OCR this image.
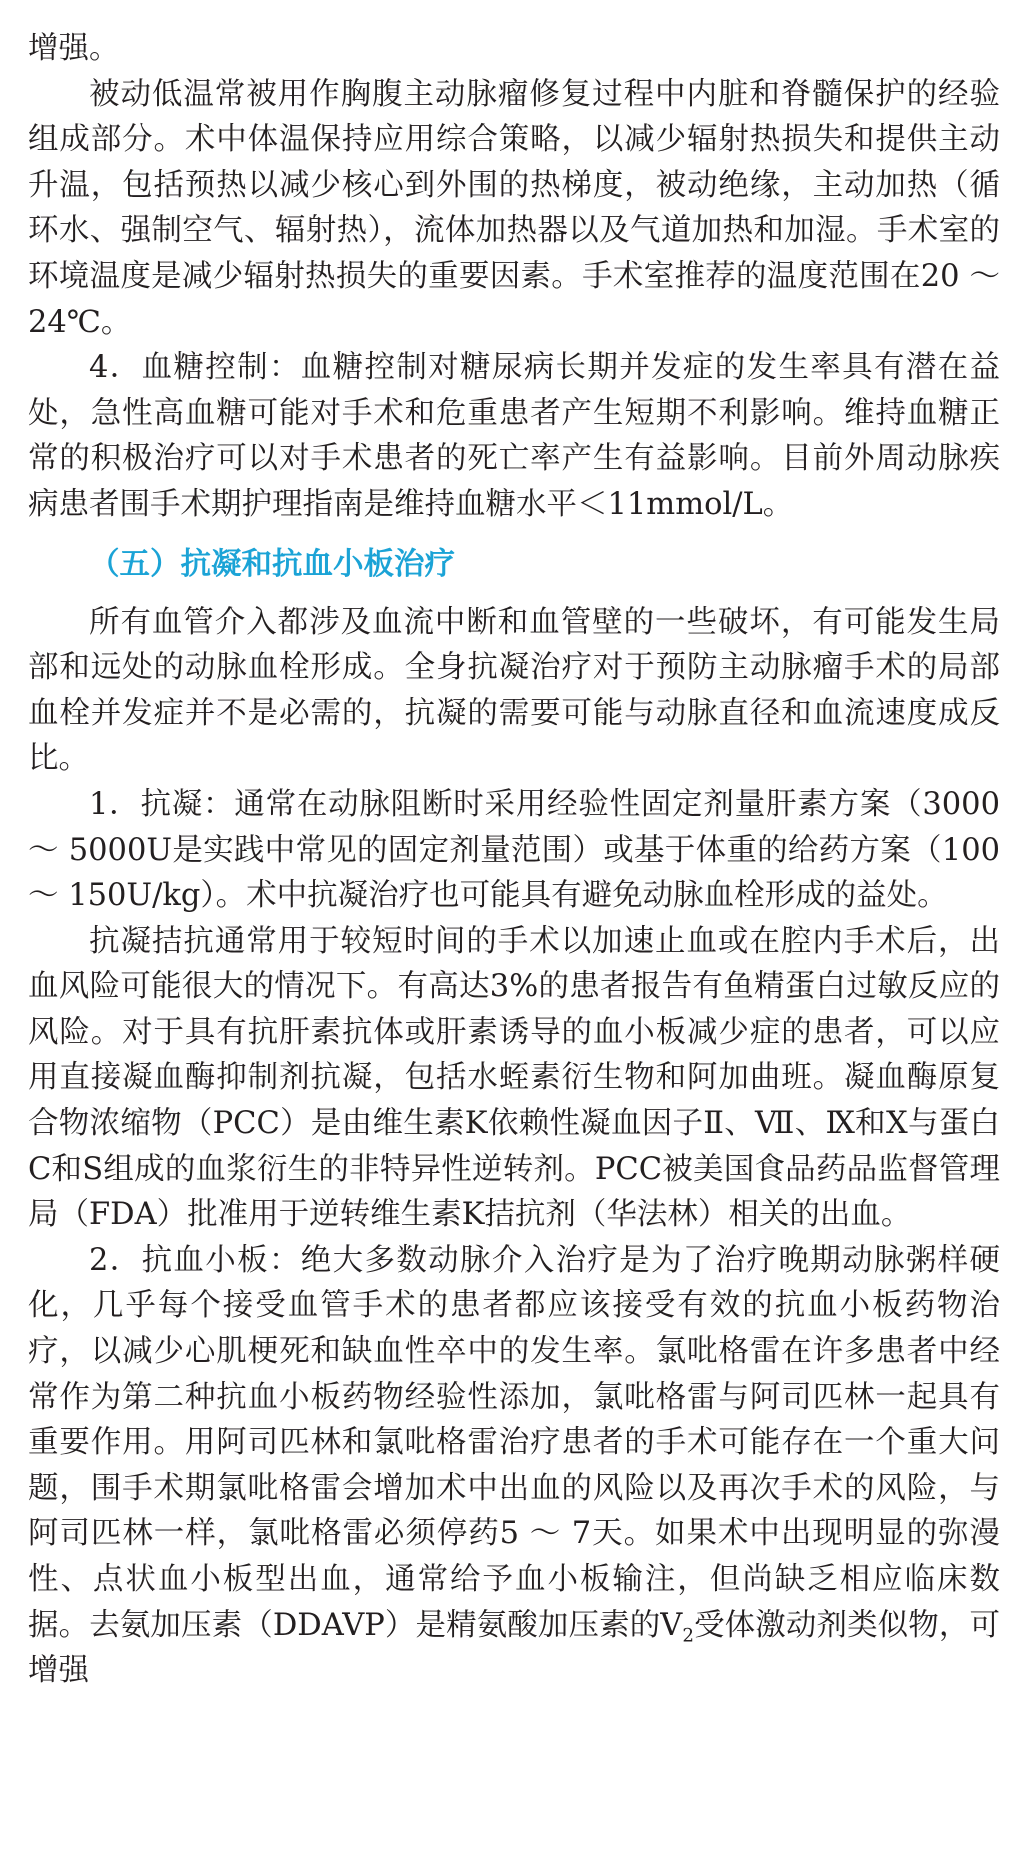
增强。

被动低温常被用作胸腹主动脉瘤修复过程中内脏和脊髓保护的经验组成部分。术中体温保持应用综合策略，以减少辐射热损失和提供主动升温，包括预热以减少核心到外围的热梯度，被动绝缘，主动加热（循环水、强制空气、辐射热），流体加热器以及气道加热和加湿。手术室的环境温度是减少辐射热损失的重要因素。手术室推荐的温度范围在20 ～ 24℃。

4．血糖控制：血糖控制对糖尿病长期并发症的发生率具有潜在益处，急性高血糖可能对手术和危重患者产生短期不利影响。维持血糖正常的积极治疗可以对手术患者的死亡率产生有益影响。目前外周动脉疾病患者围手术期护理指南是维持血糖水平＜11mmol/L。

（五）抗凝和抗血小板治疗

所有血管介入都涉及血流中断和血管壁的一些破坏，有可能发生局部和远处的动脉血栓形成。全身抗凝治疗对于预防主动脉瘤手术的局部血栓并发症并不是必需的，抗凝的需要可能与动脉直径和血流速度成反比。

1．抗凝：通常在动脉阻断时采用经验性固定剂量肝素方案（3000 ～ 5000U是实践中常见的固定剂量范围）或基于体重的给药方案（100 ～ 150U/kg）。术中抗凝治疗也可能具有避免动脉血栓形成的益处。

抗凝拮抗通常用于较短时间的手术以加速止血或在腔内手术后，出血风险可能很大的情况下。有高达3%的患者报告有鱼精蛋白过敏反应的风险。对于具有抗肝素抗体或肝素诱导的血小板减少症的患者，可以应用直接凝血酶抑制剂抗凝，包括水蛭素衍生物和阿加曲班。凝血酶原复合物浓缩物（PCC）是由维生素K依赖性凝血因子Ⅱ、Ⅶ、Ⅸ和Ⅹ与蛋白C和S组成的血浆衍生的非特异性逆转剂。PCC被美国食品药品监督管理局（FDA）批准用于逆转维生素K拮抗剂（华法林）相关的出血。

2．抗血小板：绝大多数动脉介入治疗是为了治疗晚期动脉粥样硬化，几乎每个接受血管手术的患者都应该接受有效的抗血小板药物治疗，以减少心肌梗死和缺血性卒中的发生率。氯吡格雷在许多患者中经常作为第二种抗血小板药物经验性添加，氯吡格雷与阿司匹林一起具有重要作用。用阿司匹林和氯吡格雷治疗患者的手术可能存在一个重大问题，围手术期氯吡格雷会增加术中出血的风险以及再次手术的风险，与阿司匹林一样，氯吡格雷必须停药5 ～ 7天。如果术中出现明显的弥漫性、点状血小板型出血，通常给予血小板输注，但尚缺乏相应临床数据。去氨加压素（DDAVP）是精氨酸加压素的$V_2$受体激动剂类似物，可增强
